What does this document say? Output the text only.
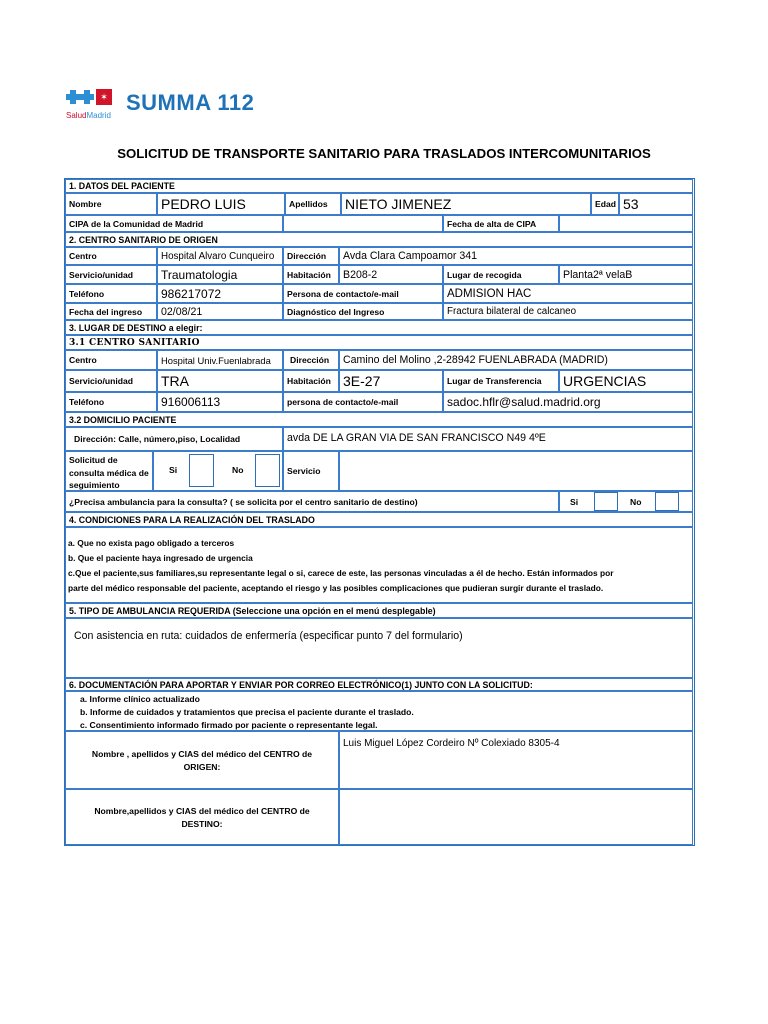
✶
SaludMadrid
SUMMA 112
SOLICITUD DE TRANSPORTE SANITARIO PARA TRASLADOS INTERCOMUNITARIOS
1. DATOS DEL PACIENTE
Nombre	PEDRO LUIS	Apellidos	NIETO JIMENEZ	Edad 53
CIPA de la Comunidad de Madrid	Fecha de alta de CIPA
2. CENTRO SANITARIO DE ORIGEN
Centro	Hospital Alvaro Cunqueiro	Dirección	Avda Clara Campoamor 341
Servicio/unidad	Traumatologia	Habitación	B208-2	Lugar de recogida	Planta2ª velaB
Teléfono	986217072	Persona de contacto/e-mail	ADMISION HAC
Fecha del ingreso	02/08/21	Diagnóstico del Ingreso	Fractura bilateral de calcaneo
3. LUGAR DE DESTINO a elegir:
3.1 CENTRO SANITARIO
Centro	Hospital Univ.Fuenlabrada	Dirección	Camino del Molino ,2-28942 FUENLABRADA (MADRID)
Servicio/unidad	TRA	Habitación 3E-27	Lugar de Transferencia	URGENCIAS
Teléfono	916006113	persona de contacto/e-mail	sadoc.hflr@salud.madrid.org
3.2 DOMICILIO PACIENTE
Dirección: Calle, número,piso, Localidad	avda DE LA GRAN VIA DE SAN FRANCISCO N49 4ºE
Solicitud de consulta médica de seguimiento
Si	No	Servicio
¿Precisa ambulancia para la consulta? ( se solicita por el centro sanitario de destino)	Si	No
4. CONDICIONES PARA LA REALIZACIÓN DEL TRASLADO
a. Que no exista pago obligado a terceros
b. Que el paciente haya ingresado de urgencia
c.Que el paciente,sus familiares,su representante legal o si, carece de este, las personas vinculadas a él de hecho. Están informados por
parte del médico responsable del paciente, aceptando el riesgo y las posibles complicaciones que pudieran surgir durante el traslado.
5. TIPO DE AMBULANCIA REQUERIDA (Seleccione una opción en el menú desplegable)
Con asistencia en ruta: cuidados de enfermería (especificar punto 7 del formulario)
6. DOCUMENTACIÓN PARA APORTAR Y ENVIAR POR CORREO ELECTRÓNICO(1) JUNTO CON LA SOLICITUD:
a. Informe clínico actualizado
b. Informe de cuidados y tratamientos que precisa el paciente durante el traslado.
c. Consentimiento informado firmado por paciente o representante legal.
Nombre , apellidos y CIAS del médico del CENTRO de
ORIGEN:
Luis Miguel López Cordeiro Nº Colexiado 8305-4
Nombre,apellidos y CIAS del médico del CENTRO de
DESTINO:
